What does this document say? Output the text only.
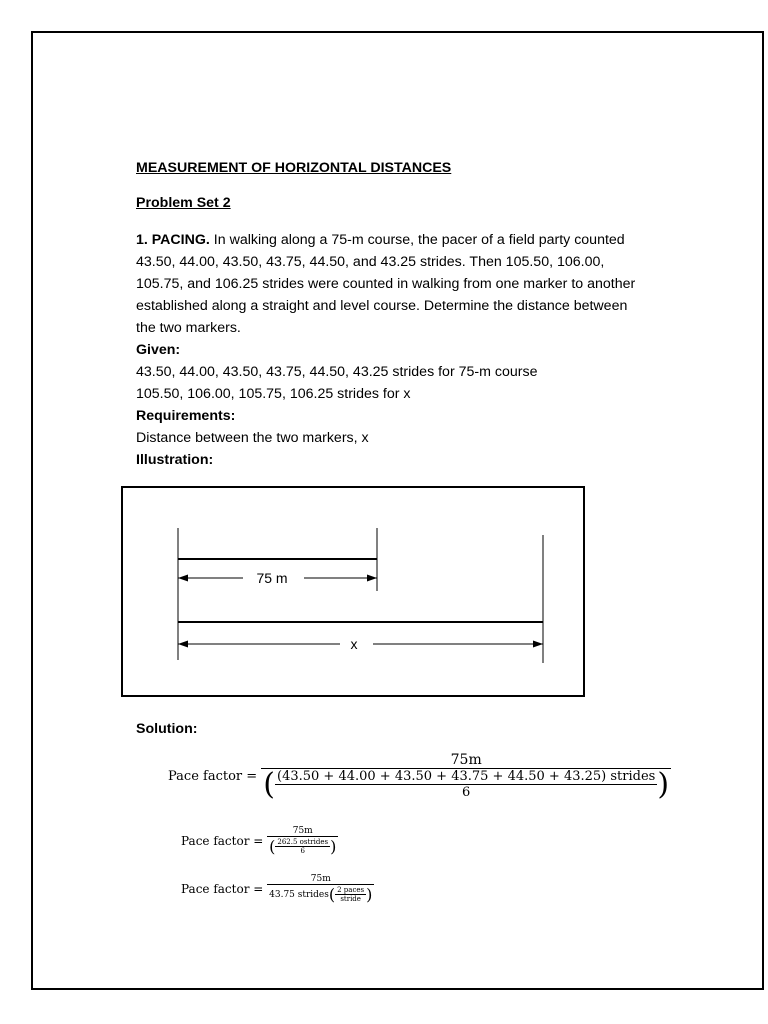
MEASUREMENT OF HORIZONTAL DISTANCES
Problem Set 2
1. PACING. In walking along a 75-m course, the pacer of a field party counted
43.50, 44.00, 43.50, 43.75, 44.50, and 43.25 strides. Then 105.50, 106.00,
105.75, and 106.25 strides were counted in walking from one marker to another
established along a straight and level course. Determine the distance between
the two markers.
Given:
43.50, 44.00, 43.50, 43.75, 44.50, 43.25 strides for 75-m course
105.50, 106.00, 105.75, 106.25 strides for x
Requirements:
Distance between the two markers, x
Illustration:
75 m
x
Solution:
Pace factor =
75m
( $\frac{\text{(43.50 + 44.00 + 43.50 + 43.75 + 44.50 + 43.25) strides}}{6}$)
Pace factor = $\frac{75m}{( \frac{\text{262.5 ostrides}}{6})}$
Pace factor = $\frac{75m}{43.75 strides( \frac{\text{2 paces}}{\text{stride}})}$
